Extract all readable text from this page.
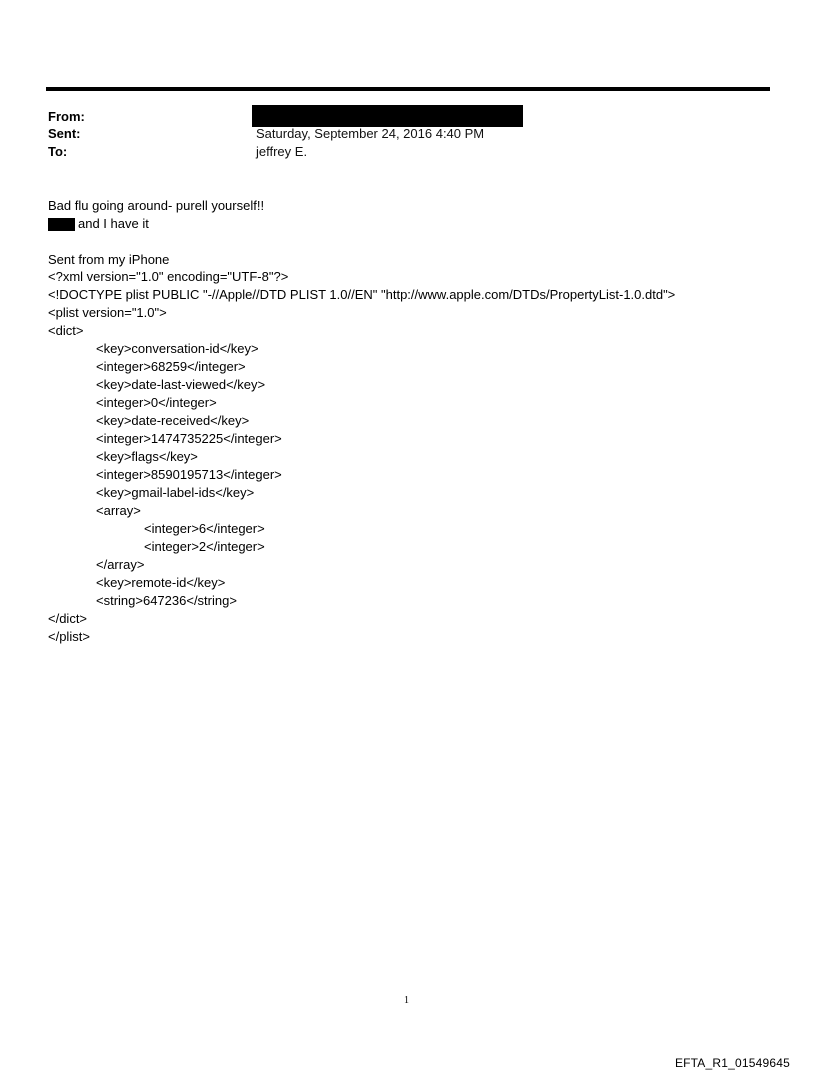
From:
Sent:	Saturday, September 24, 2016 4:40 PM
To:	jeffrey E.
Bad flu going around- purell yourself!!
and I have it
Sent from my iPhone
<?xml version="1.0" encoding="UTF-8"?>
<!DOCTYPE plist PUBLIC "-//Apple//DTD PLIST 1.0//EN" "http://www.apple.com/DTDs/PropertyList-1.0.dtd">
<plist version="1.0">
<dict>
<key>conversation-id</key>
<integer>68259</integer>
<key>date-last-viewed</key>
<integer>0</integer>
<key>date-received</key>
<integer>1474735225</integer>
<key>flags</key>
<integer>8590195713</integer>
<key>gmail-label-ids</key>
<array>
<integer>6</integer>
<integer>2</integer>
</array>
<key>remote-id</key>
<string>647236</string>
</dict>
</plist>
1
EFTA_R1_01549645
